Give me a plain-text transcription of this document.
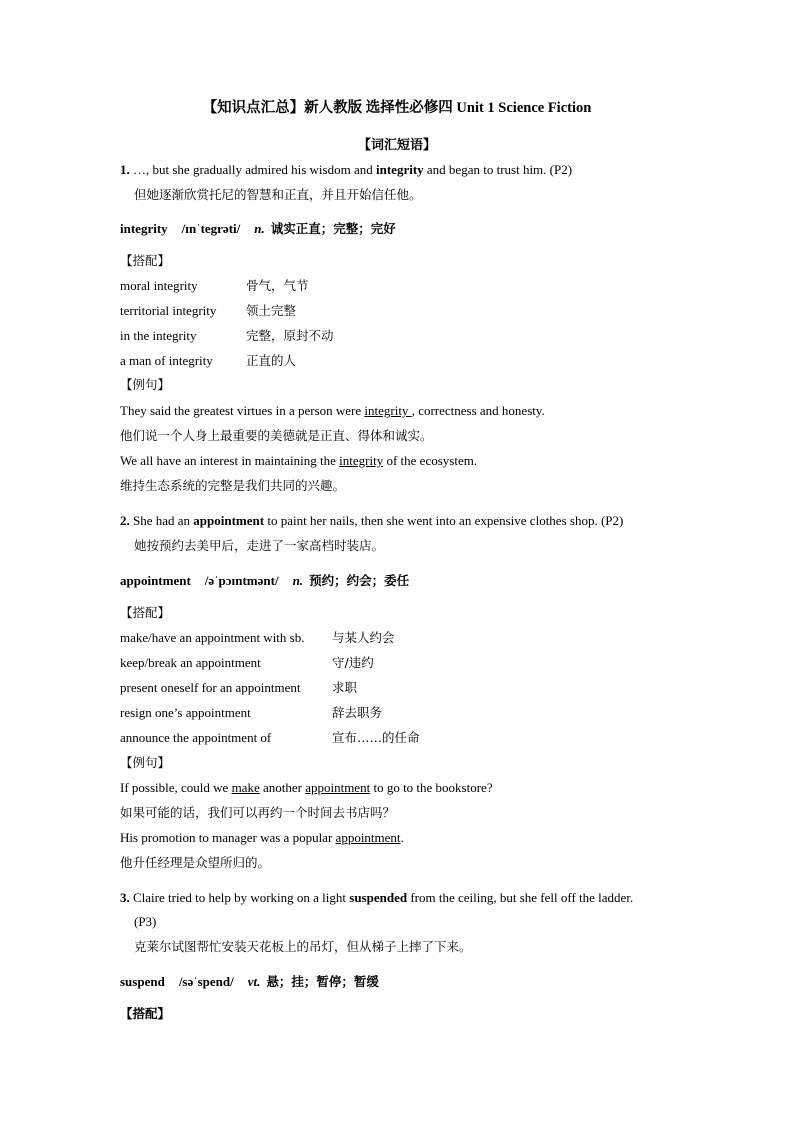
【知识点汇总】新人教版 选择性必修四 Unit 1 Science Fiction
【词汇短语】
1. …, but she gradually admired his wisdom and integrity and began to trust him. (P2)
但她逐渐欣赏托尼的智慧和正直，并且开始信任他。
integrity /ɪnˈtegrəti/ n. 诚实正直；完整；完好
【搭配】
moral integrity	骨气，气节
territorial integrity 领土完整
in the integrity	完整，原封不动
a man of integrity	正直的人
【例句】
They said the greatest virtues in a person were integrity , correctness and honesty.
他们说一个人身上最重要的美德就是正直、得体和诚实。
We all have an interest in maintaining the integrity of the ecosystem.
维持生态系统的完整是我们共同的兴趣。
2. She had an appointment to paint her nails, then she went into an expensive clothes shop. (P2)
她按预约去美甲后，走进了一家高档时装店。
appointment /əˈpɔɪntmənt/ n. 预约；约会；委任
【搭配】
make/have an appointment with sb. 与某人约会
keep/break an appointment	守/违约
present oneself for an appointment	求职
resign one’s appointment	辞去职务
announce the appointment of	宣布……的任命
【例句】
If possible, could we make another appointment to go to the bookstore?
如果可能的话，我们可以再约一个时间去书店吗？
His promotion to manager was a popular appointment.
他升任经理是众望所归的。
3. Claire tried to help by working on a light suspended from the ceiling, but she fell off the ladder.
(P3)
克莱尔试图帮忙安装天花板上的吊灯，但从梯子上摔了下来。
suspend /səˈspend/ vt. 悬；挂；暂停；暂缓
【搭配】
